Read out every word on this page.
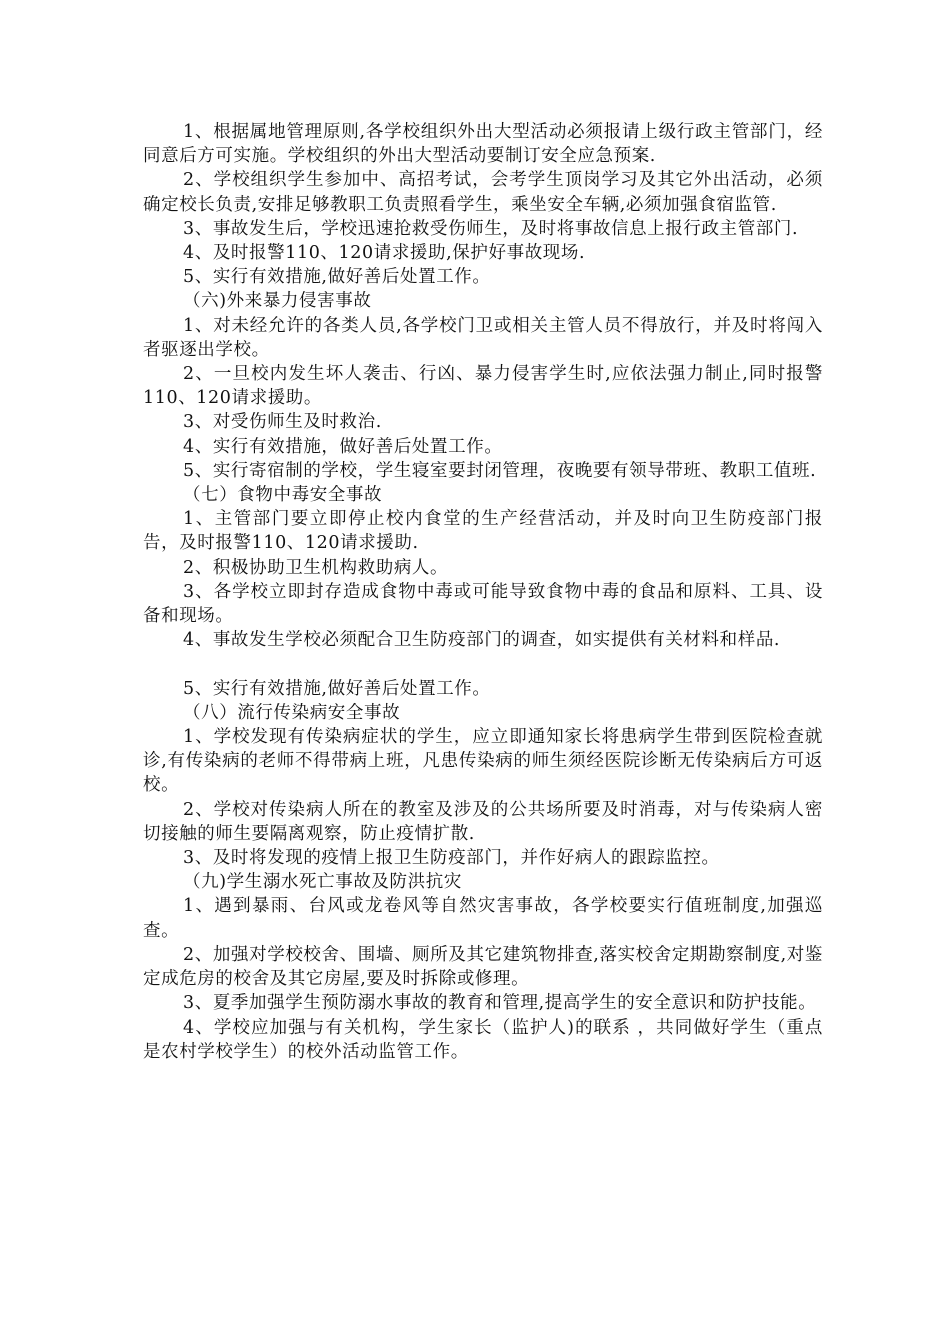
1、根据属地管理原则,各学校组织外出大型活动必须报请上级行政主管部门，经同意后方可实施。学校组织的外出大型活动要制订安全应急预案.

2、学校组织学生参加中、高招考试，会考学生顶岗学习及其它外出活动，必须确定校长负责,安排足够教职工负责照看学生，乘坐安全车辆,必须加强食宿监管.

3、事故发生后，学校迅速抢救受伤师生，及时将事故信息上报行政主管部门.

4、及时报警110、120请求援助,保护好事故现场.

5、实行有效措施,做好善后处置工作。

（六)外来暴力侵害事故

1、对未经允许的各类人员,各学校门卫或相关主管人员不得放行，并及时将闯入者驱逐出学校。

2、一旦校内发生坏人袭击、行凶、暴力侵害学生时,应依法强力制止,同时报警110、120请求援助。

3、对受伤师生及时救治.

4、实行有效措施，做好善后处置工作。

5、实行寄宿制的学校，学生寝室要封闭管理，夜晚要有领导带班、教职工值班.

（七）食物中毒安全事故

1、主管部门要立即停止校内食堂的生产经营活动，并及时向卫生防疫部门报告，及时报警110、120请求援助.

2、积极协助卫生机构救助病人。

3、各学校立即封存造成食物中毒或可能导致食物中毒的食品和原料、工具、设备和现场。

4、事故发生学校必须配合卫生防疫部门的调查，如实提供有关材料和样品.

5、实行有效措施,做好善后处置工作。

（八）流行传染病安全事故

1、学校发现有传染病症状的学生，应立即通知家长将患病学生带到医院检查就诊,有传染病的老师不得带病上班，凡患传染病的师生须经医院诊断无传染病后方可返校。

2、学校对传染病人所在的教室及涉及的公共场所要及时消毒，对与传染病人密切接触的师生要隔离观察，防止疫情扩散.

3、及时将发现的疫情上报卫生防疫部门，并作好病人的跟踪监控。

（九)学生溺水死亡事故及防洪抗灾

1、遇到暴雨、台风或龙卷风等自然灾害事故，各学校要实行值班制度,加强巡查。

2、加强对学校校舍、围墙、厕所及其它建筑物排查,落实校舍定期勘察制度,对鉴定成危房的校舍及其它房屋,要及时拆除或修理。

3、夏季加强学生预防溺水事故的教育和管理,提高学生的安全意识和防护技能。

4、学校应加强与有关机构，学生家长（监护人)的联系 ，共同做好学生（重点是农村学校学生）的校外活动监管工作。
